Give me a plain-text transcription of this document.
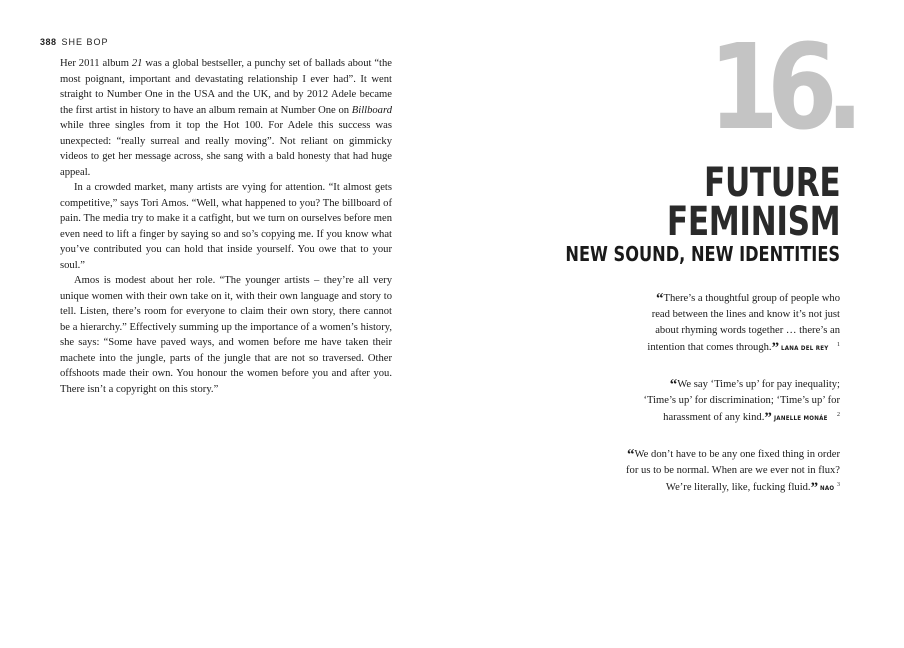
388 SHE BOP

Her 2011 album 21 was a global bestseller, a punchy set of ballads about “the most poignant, important and devastating relationship I ever had”. It went straight to Number One in the USA and the UK, and by 2012 Adele became the first artist in history to have an album remain at Number One on Billboard while three singles from it top the Hot 100. For Adele this success was unexpected: “really surreal and really moving”. Not reliant on gimmicky videos to get her message across, she sang with a bald honesty that had huge appeal.

In a crowded market, many artists are vying for attention. “It almost gets competitive,” says Tori Amos. “Well, what happened to you? The billboard of pain. The media try to make it a catfight, but we turn on ourselves before men even need to lift a finger by saying so and so’s copying me. If you know what you’ve contributed you can hold that inside yourself. You owe that to your soul.”

Amos is modest about her role. “The younger artists – they’re all very unique women with their own take on it, with their own language and story to tell. Listen, there’s room for everyone to claim their own story, there cannot be a hierarchy.” Effectively summing up the importance of a women’s history, she says: “Some have paved ways, and women before me have taken their machete into the jungle, parts of the jungle that are not so traversed. Other offshoots made their own. You honour the women before you and after you. There isn’t a copyright on this story.”

16.
FUTURE
FEMINISM
NEW SOUND, NEW IDENTITIES
“There’s a thoughtful group of people who read between the lines and know it’s not just about rhyming words together … there’s an intention that comes through.” LANA DEL REY $^1$
“We say ‘Time’s up’ for pay inequality; ‘Time’s up’ for discrimination; ‘Time’s up’ for harassment of any kind.” JANELLE MONÁE $^2$
“We don’t have to be any one fixed thing in order for us to be normal. When are we ever not in flux? We’re literally, like, fucking fluid.” NAO $^3$
